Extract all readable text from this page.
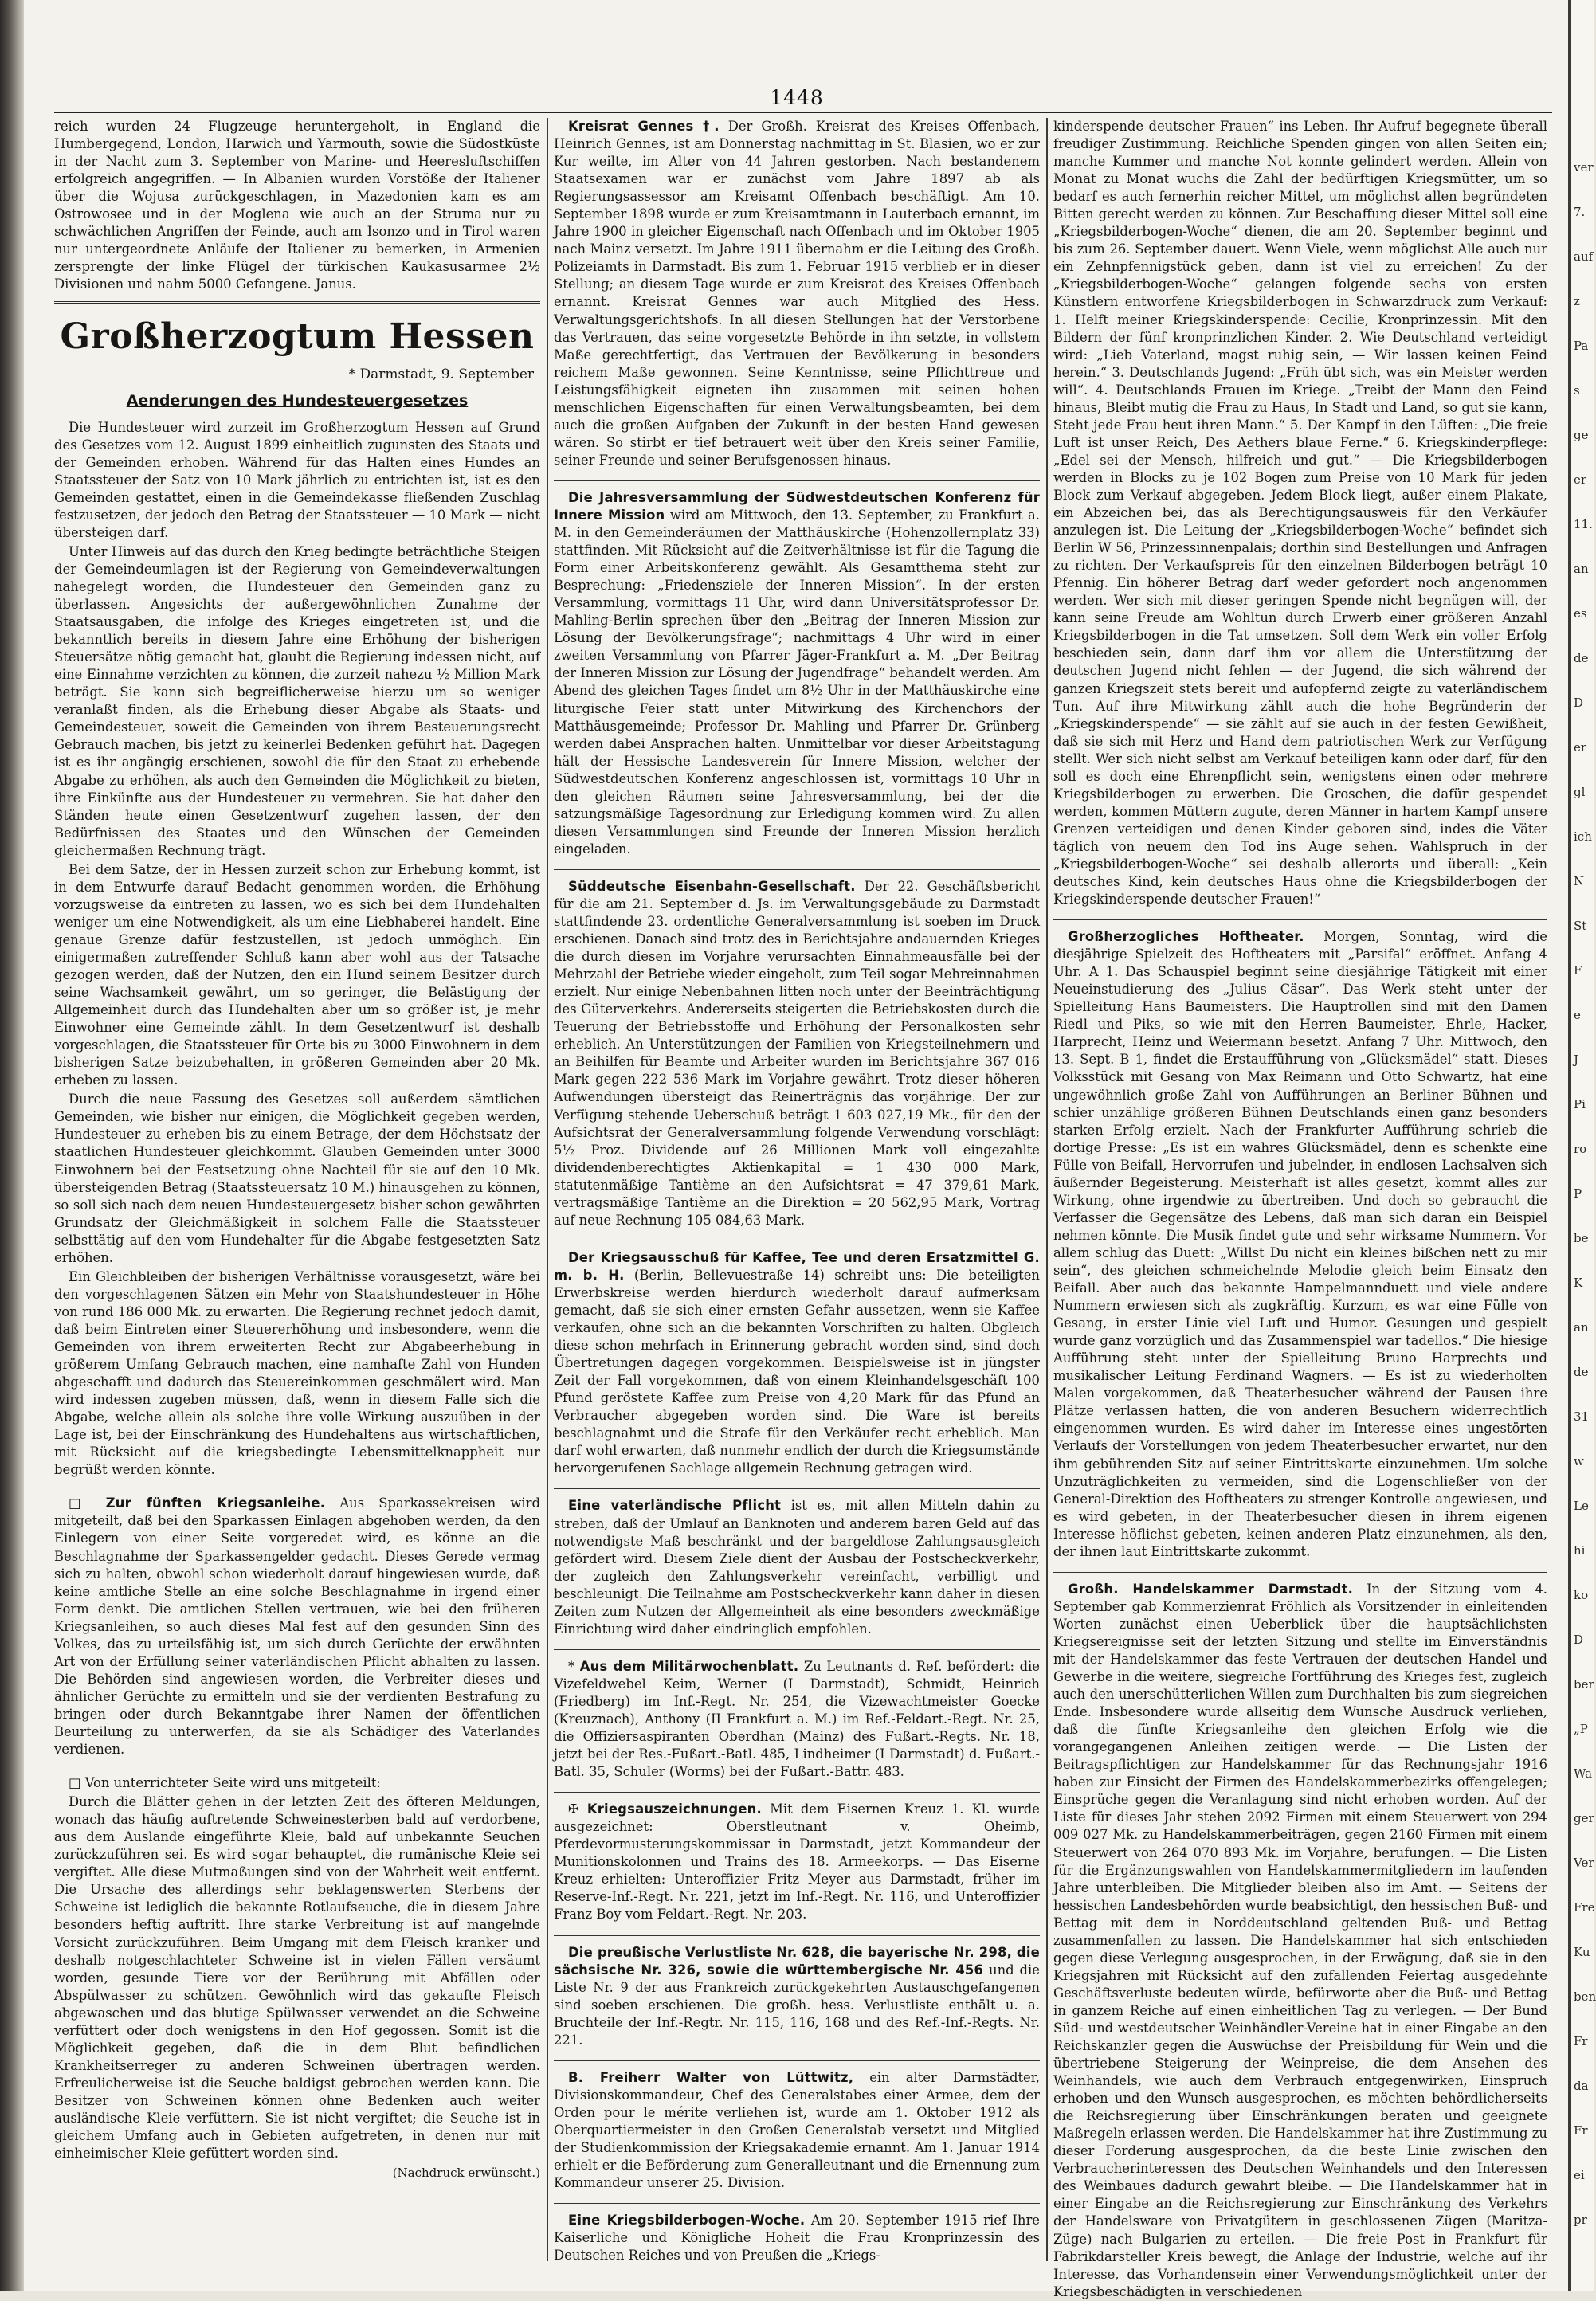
1448

reich wurden 24 Flugzeuge heruntergeholt, in England die Humbergegend, London, Harwich und Yarmouth, sowie die Südostküste in der Nacht zum 3. September von Marine- und Heeresluftschiffen erfolgreich angegriffen. — In Albanien wurden Vorstöße der Italiener über die Wojusa zurückgeschlagen, in Mazedonien kam es am Ostrowosee und in der Moglena wie auch an der Struma nur zu schwächlichen Angriffen der Feinde, auch am Isonzo und in Tirol waren nur untergeordnete Anläufe der Italiener zu bemerken, in Armenien zersprengte der linke Flügel der türkischen Kaukasusarmee 2½ Divisionen und nahm 5000 Gefangene. Janus.

Großherzogtum Hessen
* Darmstadt, 9. September
Aenderungen des Hundesteuergesetzes

Die Hundesteuer wird zurzeit im Großherzogtum Hessen auf Grund des Gesetzes vom 12. August 1899 einheitlich zugunsten des Staats und der Gemeinden erhoben. Während für das Halten eines Hundes an Staatssteuer der Satz von 10 Mark jährlich zu entrichten ist, ist es den Gemeinden gestattet, einen in die Gemeindekasse fließenden Zuschlag festzusetzen, der jedoch den Betrag der Staatssteuer — 10 Mark — nicht übersteigen darf.

Unter Hinweis auf das durch den Krieg bedingte beträchtliche Steigen der Gemeindeumlagen ist der Regierung von Gemeindeverwaltungen nahegelegt worden, die Hundesteuer den Gemeinden ganz zu überlassen. Angesichts der außergewöhnlichen Zunahme der Staatsausgaben, die infolge des Krieges eingetreten ist, und die bekanntlich bereits in diesem Jahre eine Erhöhung der bisherigen Steuersätze nötig gemacht hat, glaubt die Regierung indessen nicht, auf eine Einnahme verzichten zu können, die zurzeit nahezu ½ Million Mark beträgt. Sie kann sich begreiflicherweise hierzu um so weniger veranlaßt finden, als die Erhebung dieser Abgabe als Staats- und Gemeindesteuer, soweit die Gemeinden von ihrem Besteuerungsrecht Gebrauch machen, bis jetzt zu keinerlei Bedenken geführt hat. Dagegen ist es ihr angängig erschienen, sowohl die für den Staat zu erhebende Abgabe zu erhöhen, als auch den Gemeinden die Möglichkeit zu bieten, ihre Einkünfte aus der Hundesteuer zu vermehren. Sie hat daher den Ständen heute einen Gesetzentwurf zugehen lassen, der den Bedürfnissen des Staates und den Wünschen der Gemeinden gleichermaßen Rechnung trägt.

Bei dem Satze, der in Hessen zurzeit schon zur Erhebung kommt, ist in dem Entwurfe darauf Bedacht genommen worden, die Erhöhung vorzugsweise da eintreten zu lassen, wo es sich bei dem Hundehalten weniger um eine Notwendigkeit, als um eine Liebhaberei handelt. Eine genaue Grenze dafür festzustellen, ist jedoch unmöglich. Ein einigermaßen zutreffender Schluß kann aber wohl aus der Tatsache gezogen werden, daß der Nutzen, den ein Hund seinem Besitzer durch seine Wachsamkeit gewährt, um so geringer, die Belästigung der Allgemeinheit durch das Hundehalten aber um so größer ist, je mehr Einwohner eine Gemeinde zählt. In dem Gesetzentwurf ist deshalb vorgeschlagen, die Staatssteuer für Orte bis zu 3000 Einwohnern in dem bisherigen Satze beizubehalten, in größeren Gemeinden aber 20 Mk. erheben zu lassen.

Durch die neue Fassung des Gesetzes soll außerdem sämtlichen Gemeinden, wie bisher nur einigen, die Möglichkeit gegeben werden, Hundesteuer zu erheben bis zu einem Betrage, der dem Höchstsatz der staatlichen Hundesteuer gleichkommt. Glauben Gemeinden unter 3000 Einwohnern bei der Festsetzung ohne Nachteil für sie auf den 10 Mk. übersteigenden Betrag (Staatssteuersatz 10 M.) hinausgehen zu können, so soll sich nach dem neuen Hundesteuergesetz bisher schon gewährten Grundsatz der Gleichmäßigkeit in solchem Falle die Staatssteuer selbsttätig auf den vom Hundehalter für die Abgabe festgesetzten Satz erhöhen.

Ein Gleichbleiben der bisherigen Verhältnisse vorausgesetzt, wäre bei den vorgeschlagenen Sätzen ein Mehr von Staatshundesteuer in Höhe von rund 186 000 Mk. zu erwarten. Die Regierung rechnet jedoch damit, daß beim Eintreten einer Steuererhöhung und insbesondere, wenn die Gemeinden von ihrem erweiterten Recht zur Abgabeerhebung in größerem Umfang Gebrauch machen, eine namhafte Zahl von Hunden abgeschafft und dadurch das Steuereinkommen geschmälert wird. Man wird indessen zugeben müssen, daß, wenn in diesem Falle sich die Abgabe, welche allein als solche ihre volle Wirkung auszuüben in der Lage ist, bei der Einschränkung des Hundehaltens aus wirtschaftlichen, mit Rücksicht auf die kriegsbedingte Lebensmittelknappheit nur begrüßt werden könnte.

□ Zur fünften Kriegsanleihe. Aus Sparkassekreisen wird mitgeteilt, daß bei den Sparkassen Einlagen abgehoben werden, da den Einlegern von einer Seite vorgeredet wird, es könne an die Beschlagnahme der Sparkassengelder gedacht. Dieses Gerede vermag sich zu halten, obwohl schon wiederholt darauf hingewiesen wurde, daß keine amtliche Stelle an eine solche Beschlagnahme in irgend einer Form denkt. Die amtlichen Stellen vertrauen, wie bei den früheren Kriegsanleihen, so auch dieses Mal fest auf den gesunden Sinn des Volkes, das zu urteilsfähig ist, um sich durch Gerüchte der erwähnten Art von der Erfüllung seiner vaterländischen Pflicht abhalten zu lassen. Die Behörden sind angewiesen worden, die Verbreiter dieses und ähnlicher Gerüchte zu ermitteln und sie der verdienten Bestrafung zu bringen oder durch Bekanntgabe ihrer Namen der öffentlichen Beurteilung zu unterwerfen, da sie als Schädiger des Vaterlandes verdienen.

□ Von unterrichteter Seite wird uns mitgeteilt:

Durch die Blätter gehen in der letzten Zeit des öfteren Meldungen, wonach das häufig auftretende Schweinesterben bald auf verdorbene, aus dem Auslande eingeführte Kleie, bald auf unbekannte Seuchen zurückzuführen sei. Es wird sogar behauptet, die rumänische Kleie sei vergiftet. Alle diese Mutmaßungen sind von der Wahrheit weit entfernt. Die Ursache des allerdings sehr beklagenswerten Sterbens der Schweine ist lediglich die bekannte Rotlaufseuche, die in diesem Jahre besonders heftig auftritt. Ihre starke Verbreitung ist auf mangelnde Vorsicht zurückzuführen. Beim Umgang mit dem Fleisch kranker und deshalb notgeschlachteter Schweine ist in vielen Fällen versäumt worden, gesunde Tiere vor der Berührung mit Abfällen oder Abspülwasser zu schützen. Gewöhnlich wird das gekaufte Fleisch abgewaschen und das blutige Spülwasser verwendet an die Schweine verfüttert oder doch wenigstens in den Hof gegossen. Somit ist die Möglichkeit gegeben, daß die in dem Blut befindlichen Krankheitserreger zu anderen Schweinen übertragen werden. Erfreulicherweise ist die Seuche baldigst gebrochen werden kann. Die Besitzer von Schweinen können ohne Bedenken auch weiter ausländische Kleie verfüttern. Sie ist nicht vergiftet; die Seuche ist in gleichem Umfang auch in Gebieten aufgetreten, in denen nur mit einheimischer Kleie gefüttert worden sind.

(Nachdruck erwünscht.)

Kreisrat Gennes †. Der Großh. Kreisrat des Kreises Offenbach, Heinrich Gennes, ist am Donnerstag nachmittag in St. Blasien, wo er zur Kur weilte, im Alter von 44 Jahren gestorben. Nach bestandenem Staatsexamen war er zunächst vom Jahre 1897 ab als Regierungsassessor am Kreisamt Offenbach beschäftigt. Am 10. September 1898 wurde er zum Kreisamtmann in Lauterbach ernannt, im Jahre 1900 in gleicher Eigenschaft nach Offenbach und im Oktober 1905 nach Mainz versetzt. Im Jahre 1911 übernahm er die Leitung des Großh. Polizeiamts in Darmstadt. Bis zum 1. Februar 1915 verblieb er in dieser Stellung; an diesem Tage wurde er zum Kreisrat des Kreises Offenbach ernannt. Kreisrat Gennes war auch Mitglied des Hess. Verwaltungsgerichtshofs. In all diesen Stellungen hat der Verstorbene das Vertrauen, das seine vorgesetzte Behörde in ihn setzte, in vollstem Maße gerechtfertigt, das Vertrauen der Bevölkerung in besonders reichem Maße gewonnen. Seine Kenntnisse, seine Pflichttreue und Leistungsfähigkeit eigneten ihn zusammen mit seinen hohen menschlichen Eigenschaften für einen Verwaltungsbeamten, bei dem auch die großen Aufgaben der Zukunft in der besten Hand gewesen wären. So stirbt er tief betrauert weit über den Kreis seiner Familie, seiner Freunde und seiner Berufsgenossen hinaus.

Die Jahresversammlung der Südwestdeutschen Konferenz für Innere Mission wird am Mittwoch, den 13. September, zu Frankfurt a. M. in den Gemeinderäumen der Matthäuskirche (Hohenzollernplatz 33) stattfinden. Mit Rücksicht auf die Zeitverhältnisse ist für die Tagung die Form einer Arbeitskonferenz gewählt. Als Gesamtthema steht zur Besprechung: „Friedensziele der Inneren Mission“. In der ersten Versammlung, vormittags 11 Uhr, wird dann Universitätsprofessor Dr. Mahling-Berlin sprechen über den „Beitrag der Inneren Mission zur Lösung der Bevölkerungsfrage“; nachmittags 4 Uhr wird in einer zweiten Versammlung von Pfarrer Jäger-Frankfurt a. M. „Der Beitrag der Inneren Mission zur Lösung der Jugendfrage“ behandelt werden. Am Abend des gleichen Tages findet um 8½ Uhr in der Matthäuskirche eine liturgische Feier statt unter Mitwirkung des Kirchenchors der Matthäusgemeinde; Professor Dr. Mahling und Pfarrer Dr. Grünberg werden dabei Ansprachen halten. Unmittelbar vor dieser Arbeitstagung hält der Hessische Landesverein für Innere Mission, welcher der Südwestdeutschen Konferenz angeschlossen ist, vormittags 10 Uhr in den gleichen Räumen seine Jahresversammlung, bei der die satzungsmäßige Tagesordnung zur Erledigung kommen wird. Zu allen diesen Versammlungen sind Freunde der Inneren Mission herzlich eingeladen.

Süddeutsche Eisenbahn-Gesellschaft. Der 22. Geschäftsbericht für die am 21. September d. Js. im Verwaltungsgebäude zu Darmstadt stattfindende 23. ordentliche Generalversammlung ist soeben im Druck erschienen. Danach sind trotz des in Berichtsjahre andauernden Krieges die durch diesen im Vorjahre verursachten Einnahmeausfälle bei der Mehrzahl der Betriebe wieder eingeholt, zum Teil sogar Mehreinnahmen erzielt. Nur einige Nebenbahnen litten noch unter der Beeinträchtigung des Güterverkehrs. Andererseits steigerten die Betriebskosten durch die Teuerung der Betriebsstoffe und Erhöhung der Personalkosten sehr erheblich. An Unterstützungen der Familien von Kriegsteilnehmern und an Beihilfen für Beamte und Arbeiter wurden im Berichtsjahre 367 016 Mark gegen 222 536 Mark im Vorjahre gewährt. Trotz dieser höheren Aufwendungen übersteigt das Reinerträgnis das vorjährige. Der zur Verfügung stehende Ueberschuß beträgt 1 603 027,19 Mk., für den der Aufsichtsrat der Generalversammlung folgende Verwendung vorschlägt: 5½ Proz. Dividende auf 26 Millionen Mark voll eingezahlte dividendenberechtigtes Aktienkapital = 1 430 000 Mark, statutenmäßige Tantième an den Aufsichtsrat = 47 379,61 Mark, vertragsmäßige Tantième an die Direktion = 20 562,95 Mark, Vortrag auf neue Rechnung 105 084,63 Mark.

Der Kriegsausschuß für Kaffee, Tee und deren Ersatzmittel G. m. b. H. (Berlin, Bellevuestraße 14) schreibt uns: Die beteiligten Erwerbskreise werden hierdurch wiederholt darauf aufmerksam gemacht, daß sie sich einer ernsten Gefahr aussetzen, wenn sie Kaffee verkaufen, ohne sich an die bekannten Vorschriften zu halten. Obgleich diese schon mehrfach in Erinnerung gebracht worden sind, sind doch Übertretungen dagegen vorgekommen. Beispielsweise ist in jüngster Zeit der Fall vorgekommen, daß von einem Kleinhandelsgeschäft 100 Pfund geröstete Kaffee zum Preise von 4,20 Mark für das Pfund an Verbraucher abgegeben worden sind. Die Ware ist bereits beschlagnahmt und die Strafe für den Verkäufer recht erheblich. Man darf wohl erwarten, daß nunmehr endlich der durch die Kriegsumstände hervorgerufenen Sachlage allgemein Rechnung getragen wird.

Eine vaterländische Pflicht ist es, mit allen Mitteln dahin zu streben, daß der Umlauf an Banknoten und anderem baren Geld auf das notwendigste Maß beschränkt und der bargeldlose Zahlungsausgleich gefördert wird. Diesem Ziele dient der Ausbau der Postscheckverkehr, der zugleich den Zahlungsverkehr vereinfacht, verbilligt und beschleunigt. Die Teilnahme am Postscheckverkehr kann daher in diesen Zeiten zum Nutzen der Allgemeinheit als eine besonders zweckmäßige Einrichtung wird daher eindringlich empfohlen.

* Aus dem Militärwochenblatt. Zu Leutnants d. Ref. befördert: die Vizefeldwebel Keim, Werner (I Darmstadt), Schmidt, Heinrich (Friedberg) im Inf.-Regt. Nr. 254, die Vizewachtmeister Goecke (Kreuznach), Anthony (II Frankfurt a. M.) im Ref.-Feldart.-Regt. Nr. 25, die Offiziersaspiranten Oberdhan (Mainz) des Fußart.-Regts. Nr. 18, jetzt bei der Res.-Fußart.-Batl. 485, Lindheimer (I Darmstadt) d. Fußart.-Batl. 35, Schuler (Worms) bei der Fußart.-Battr. 483.

✠ Kriegsauszeichnungen. Mit dem Eisernen Kreuz 1. Kl. wurde ausgezeichnet: Oberstleutnant v. Oheimb, Pferdevormusterungskommissar in Darmstadt, jetzt Kommandeur der Munitionskolonnen und Trains des 18. Armeekorps. — Das Eiserne Kreuz erhielten: Unteroffizier Fritz Meyer aus Darmstadt, früher im Reserve-Inf.-Regt. Nr. 221, jetzt im Inf.-Regt. Nr. 116, und Unteroffizier Franz Boy vom Feldart.-Regt. Nr. 203.

Die preußische Verlustliste Nr. 628, die bayerische Nr. 298, die sächsische Nr. 326, sowie die württembergische Nr. 456 und die Liste Nr. 9 der aus Frankreich zurückgekehrten Austauschgefangenen sind soeben erschienen. Die großh. hess. Verlustliste enthält u. a. Bruchteile der Inf.-Regtr. Nr. 115, 116, 168 und des Ref.-Inf.-Regts. Nr. 221.

B. Freiherr Walter von Lüttwitz, ein alter Darmstädter, Divisionskommandeur, Chef des Generalstabes einer Armee, dem der Orden pour le mérite verliehen ist, wurde am 1. Oktober 1912 als Oberquartiermeister in den Großen Generalstab versetzt und Mitglied der Studienkommission der Kriegsakademie ernannt. Am 1. Januar 1914 erhielt er die Beförderung zum Generalleutnant und die Ernennung zum Kommandeur unserer 25. Division.

Eine Kriegsbilderbogen-Woche. Am 20. September 1915 rief Ihre Kaiserliche und Königliche Hoheit die Frau Kronprinzessin des Deutschen Reiches und von Preußen die „Kriegs-

kinderspende deutscher Frauen“ ins Leben. Ihr Aufruf begegnete überall freudiger Zustimmung. Reichliche Spenden gingen von allen Seiten ein; manche Kummer und manche Not konnte gelindert werden. Allein von Monat zu Monat wuchs die Zahl der bedürftigen Kriegsmütter, um so bedarf es auch fernerhin reicher Mittel, um möglichst allen begründeten Bitten gerecht werden zu können. Zur Beschaffung dieser Mittel soll eine „Kriegsbilderbogen-Woche“ dienen, die am 20. September beginnt und bis zum 26. September dauert. Wenn Viele, wenn möglichst Alle auch nur ein Zehnpfennigstück geben, dann ist viel zu erreichen! Zu der „Kriegsbilderbogen-Woche“ gelangen folgende sechs von ersten Künstlern entworfene Kriegsbilderbogen in Schwarzdruck zum Verkauf: 1. Helft meiner Kriegskinderspende: Cecilie, Kronprinzessin. Mit den Bildern der fünf kronprinzlichen Kinder. 2. Wie Deutschland verteidigt wird: „Lieb Vaterland, magst ruhig sein, — Wir lassen keinen Feind herein.“ 3. Deutschlands Jugend: „Früh übt sich, was ein Meister werden will“. 4. Deutschlands Frauen im Kriege. „Treibt der Mann den Feind hinaus, Bleibt mutig die Frau zu Haus, In Stadt und Land, so gut sie kann, Steht jede Frau heut ihren Mann.“ 5. Der Kampf in den Lüften: „Die freie Luft ist unser Reich, Des Aethers blaue Ferne.“ 6. Kriegskinderpflege: „Edel sei der Mensch, hilfreich und gut.“ — Die Kriegsbilderbogen werden in Blocks zu je 102 Bogen zum Preise von 10 Mark für jeden Block zum Verkauf abgegeben. Jedem Block liegt, außer einem Plakate, ein Abzeichen bei, das als Berechtigungsausweis für den Verkäufer anzulegen ist. Die Leitung der „Kriegsbilderbogen-Woche“ befindet sich Berlin W 56, Prinzessinnenpalais; dorthin sind Bestellungen und Anfragen zu richten. Der Verkaufspreis für den einzelnen Bilderbogen beträgt 10 Pfennig. Ein höherer Betrag darf weder gefordert noch angenommen werden. Wer sich mit dieser geringen Spende nicht begnügen will, der kann seine Freude am Wohltun durch Erwerb einer größeren Anzahl Kriegsbilderbogen in die Tat umsetzen. Soll dem Werk ein voller Erfolg beschieden sein, dann darf ihm vor allem die Unterstützung der deutschen Jugend nicht fehlen — der Jugend, die sich während der ganzen Kriegszeit stets bereit und aufopfernd zeigte zu vaterländischem Tun. Auf ihre Mitwirkung zählt auch die hohe Begründerin der „Kriegskinderspende“ — sie zählt auf sie auch in der festen Gewißheit, daß sie sich mit Herz und Hand dem patriotischen Werk zur Verfügung stellt. Wer sich nicht selbst am Verkauf beteiligen kann oder darf, für den soll es doch eine Ehrenpflicht sein, wenigstens einen oder mehrere Kriegsbilderbogen zu erwerben. Die Groschen, die dafür gespendet werden, kommen Müttern zugute, deren Männer in hartem Kampf unsere Grenzen verteidigen und denen Kinder geboren sind, indes die Väter täglich von neuem den Tod ins Auge sehen. Wahlspruch in der „Kriegsbilderbogen-Woche“ sei deshalb allerorts und überall: „Kein deutsches Kind, kein deutsches Haus ohne die Kriegsbilderbogen der Kriegskinderspende deutscher Frauen!“

Großherzogliches Hoftheater. Morgen, Sonntag, wird die diesjährige Spielzeit des Hoftheaters mit „Parsifal“ eröffnet. Anfang 4 Uhr. A 1. Das Schauspiel beginnt seine diesjährige Tätigkeit mit einer Neueinstudierung des „Julius Cäsar“. Das Werk steht unter der Spielleitung Hans Baumeisters. Die Hauptrollen sind mit den Damen Riedl und Piks, so wie mit den Herren Baumeister, Ehrle, Hacker, Harprecht, Heinz und Weiermann besetzt. Anfang 7 Uhr. Mittwoch, den 13. Sept. B 1, findet die Erstaufführung von „Glücksmädel“ statt. Dieses Volksstück mit Gesang von Max Reimann und Otto Schwartz, hat eine ungewöhnlich große Zahl von Aufführungen an Berliner Bühnen und schier unzählige größeren Bühnen Deutschlands einen ganz besonders starken Erfolg erzielt. Nach der Frankfurter Aufführung schrieb die dortige Presse: „Es ist ein wahres Glücksmädel, denn es schenkte eine Fülle von Beifall, Hervorrufen und jubelnder, in endlosen Lachsalven sich äußernder Begeisterung. Meisterhaft ist alles gesetzt, kommt alles zur Wirkung, ohne irgendwie zu übertreiben. Und doch so gebraucht die Verfasser die Gegensätze des Lebens, daß man sich daran ein Beispiel nehmen könnte. Die Musik findet gute und sehr wirksame Nummern. Vor allem schlug das Duett: „Willst Du nicht ein kleines bißchen nett zu mir sein“, des gleichen schmeichelnde Melodie gleich beim Einsatz den Beifall. Aber auch das bekannte Hampelmannduett und viele andere Nummern erwiesen sich als zugkräftig. Kurzum, es war eine Fülle von Gesang, in erster Linie viel Luft und Humor. Gesungen und gespielt wurde ganz vorzüglich und das Zusammenspiel war tadellos.“ Die hiesige Aufführung steht unter der Spielleitung Bruno Harprechts und musikalischer Leitung Ferdinand Wagners. — Es ist zu wiederholten Malen vorgekommen, daß Theaterbesucher während der Pausen ihre Plätze verlassen hatten, die von anderen Besuchern widerrechtlich eingenommen wurden. Es wird daher im Interesse eines ungestörten Verlaufs der Vorstellungen von jedem Theaterbesucher erwartet, nur den ihm gebührenden Sitz auf seiner Eintrittskarte einzunehmen. Um solche Unzuträglichkeiten zu vermeiden, sind die Logenschließer von der General-Direktion des Hoftheaters zu strenger Kontrolle angewiesen, und es wird gebeten, in der Theaterbesucher diesen in ihrem eigenen Interesse höflichst gebeten, keinen anderen Platz einzunehmen, als den, der ihnen laut Eintrittskarte zukommt.

Großh. Handelskammer Darmstadt. In der Sitzung vom 4. September gab Kommerzienrat Fröhlich als Vorsitzender in einleitenden Worten zunächst einen Ueberblick über die hauptsächlichsten Kriegsereignisse seit der letzten Sitzung und stellte im Einverständnis mit der Handelskammer das feste Vertrauen der deutschen Handel und Gewerbe in die weitere, siegreiche Fortführung des Krieges fest, zugleich auch den unerschütterlichen Willen zum Durchhalten bis zum siegreichen Ende. Insbesondere wurde allseitig dem Wunsche Ausdruck verliehen, daß die fünfte Kriegsanleihe den gleichen Erfolg wie die vorangegangenen Anleihen zeitigen werde. — Die Listen der Beitragspflichtigen zur Handelskammer für das Rechnungsjahr 1916 haben zur Einsicht der Firmen des Handelskammerbezirks offengelegen; Einsprüche gegen die Veranlagung sind nicht erhoben worden. Auf der Liste für dieses Jahr stehen 2092 Firmen mit einem Steuerwert von 294 009 027 Mk. zu Handelskammerbeiträgen, gegen 2160 Firmen mit einem Steuerwert von 264 070 893 Mk. im Vorjahre, berufungen. — Die Listen für die Ergänzungswahlen von Handelskammermitgliedern im laufenden Jahre unterbleiben. Die Mitglieder bleiben also im Amt. — Seitens der hessischen Landesbehörden wurde beabsichtigt, den hessischen Buß- und Bettag mit dem in Norddeutschland geltenden Buß- und Bettag zusammenfallen zu lassen. Die Handelskammer hat sich entschieden gegen diese Verlegung ausgesprochen, in der Erwägung, daß sie in den Kriegsjahren mit Rücksicht auf den zufallenden Feiertag ausgedehnte Geschäftsverluste bedeuten würde, befürworte aber die Buß- und Bettag in ganzem Reiche auf einen einheitlichen Tag zu verlegen. — Der Bund Süd- und westdeutscher Weinhändler-Vereine hat in einer Eingabe an den Reichskanzler gegen die Auswüchse der Preisbildung für Wein und die übertriebene Steigerung der Weinpreise, die dem Ansehen des Weinhandels, wie auch dem Verbrauch entgegenwirken, Einspruch erhoben und den Wunsch ausgesprochen, es möchten behördlicherseits die Reichsregierung über Einschränkungen beraten und geeignete Maßregeln erlassen werden. Die Handelskammer hat ihre Zustimmung zu dieser Forderung ausgesprochen, da die beste Linie zwischen den Verbraucherinteressen des Deutschen Weinhandels und den Interessen des Weinbaues dadurch gewahrt bleibe. — Die Handelskammer hat in einer Eingabe an die Reichsregierung zur Einschränkung des Verkehrs der Handelsware von Privatgütern in geschlossenen Zügen (Maritza-Züge) nach Bulgarien zu erteilen. — Die freie Post in Frankfurt für Fabrikdarsteller Kreis bewegt, die Anlage der Industrie, welche auf ihr Interesse, das Vorhandensein einer Verwendungsmöglichkeit unter der Kriegsbeschädigten in verschiedenen

ver
7.
auf
z
Pa
s
ge
er
11.
an
es
de
D
er
gl
ich
N
St
F
e
J
Pi
ro
P
be
K
an
de
31
w
Le
hi
ko
D
ber
„P
Wa
ger
Ver
Fre
Ku
ben
Fr
da
Fr
ei
pr
